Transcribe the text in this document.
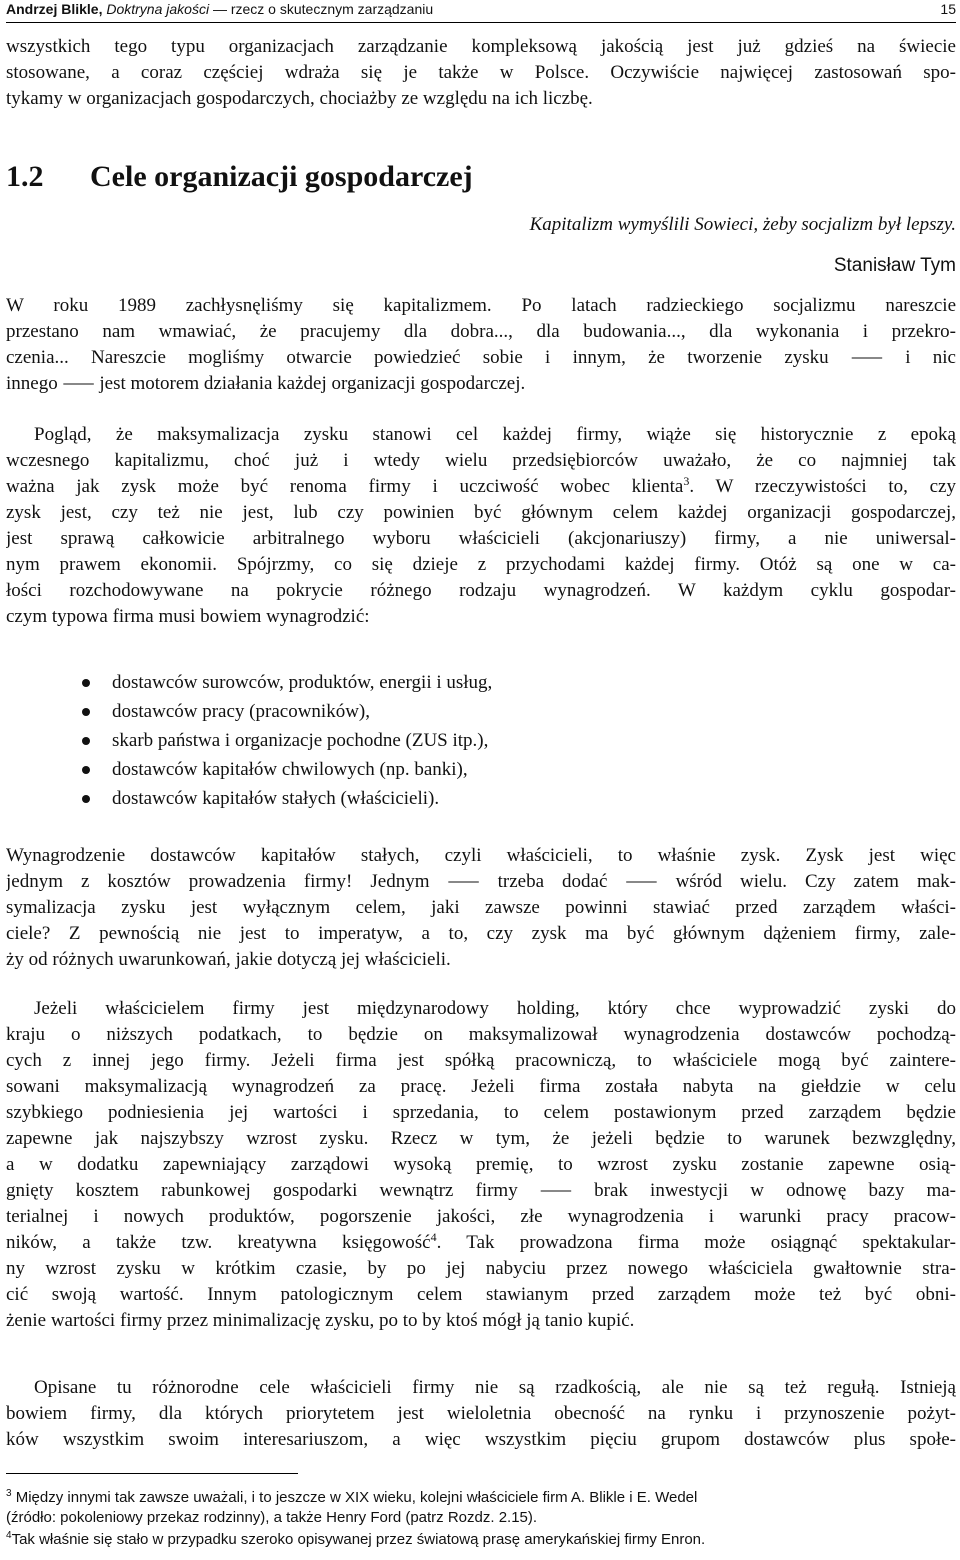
Andrzej Blikle, Doktryna jakości — rzecz o skutecznym zarządzaniu	15
wszystkich tego typu organizacjach zarządzanie kompleksową jakością jest już gdzieś na świecie
stosowane, a coraz częściej wdraża się je także w Polsce. Oczywiście najwięcej zastosowań spo-
tykamy w organizacjach gospodarczych, chociażby ze względu na ich liczbę.
1.2 Cele organizacji gospodarczej
Kapitalizm wymyślili Sowieci, żeby socjalizm był lepszy.
Stanisław Tym
W roku 1989 zachłysnęliśmy się kapitalizmem. Po latach radzieckiego socjalizmu nareszcie
przestano nam wmawiać, że pracujemy dla dobra..., dla budowania..., dla wykonania i przekro-
czenia... Nareszcie mogliśmy otwarcie powiedzieć sobie i innym, że tworzenie zysku ⸺ i nic
innego ⸺ jest motorem działania każdej organizacji gospodarczej.
Pogląd, że maksymalizacja zysku stanowi cel każdej firmy, wiąże się historycznie z epoką
wczesnego kapitalizmu, choć już i wtedy wielu przedsiębiorców uważało, że co najmniej tak
ważna jak zysk może być renoma firmy i uczciwość wobec klienta$^3$. W rzeczywistości to, czy
zysk jest, czy też nie jest, lub czy powinien być głównym celem każdej organizacji gospodarczej,
jest sprawą całkowicie arbitralnego wyboru właścicieli (akcjonariuszy) firmy, a nie uniwersal-
nym prawem ekonomii. Spójrzmy, co się dzieje z przychodami każdej firmy. Otóż są one w ca-
łości rozchodowywane na pokrycie różnego rodzaju wynagrodzeń. W każdym cyklu gospodar-
czym typowa firma musi bowiem wynagrodzić:
dostawców surowców, produktów, energii i usług,
dostawców pracy (pracowników),
skarb państwa i organizacje pochodne (ZUS itp.),
dostawców kapitałów chwilowych (np. banki),
dostawców kapitałów stałych (właścicieli).
Wynagrodzenie dostawców kapitałów stałych, czyli właścicieli, to właśnie zysk. Zysk jest więc
jednym z kosztów prowadzenia firmy! Jednym ⸺ trzeba dodać ⸺ wśród wielu. Czy zatem mak-
symalizacja zysku jest wyłącznym celem, jaki zawsze powinni stawiać przed zarządem właści-
ciele? Z pewnością nie jest to imperatyw, a to, czy zysk ma być głównym dążeniem firmy, zale-
ży od różnych uwarunkowań, jakie dotyczą jej właścicieli.
Jeżeli właścicielem firmy jest międzynarodowy holding, który chce wyprowadzić zyski do
kraju o niższych podatkach, to będzie on maksymalizował wynagrodzenia dostawców pochodzą-
cych z innej jego firmy. Jeżeli firma jest spółką pracowniczą, to właściciele mogą być zaintere-
sowani maksymalizacją wynagrodzeń za pracę. Jeżeli firma została nabyta na giełdzie w celu
szybkiego podniesienia jej wartości i sprzedania, to celem postawionym przed zarządem będzie
zapewne jak najszybszy wzrost zysku. Rzecz w tym, że jeżeli będzie to warunek bezwzględny,
a w dodatku zapewniający zarządowi wysoką premię, to wzrost zysku zostanie zapewne osią-
gnięty kosztem rabunkowej gospodarki wewnątrz firmy ⸺ brak inwestycji w odnowę bazy ma-
terialnej i nowych produktów, pogorszenie jakości, złe wynagrodzenia i warunki pracy pracow-
ników, a także tzw. kreatywna księgowość$^4$. Tak prowadzona firma może osiągnąć spektakular-
ny wzrost zysku w krótkim czasie, by po jej nabyciu przez nowego właściciela gwałtownie stra-
cić swoją wartość. Innym patologicznym celem stawianym przed zarządem może też być obni-
żenie wartości firmy przez minimalizację zysku, po to by ktoś mógł ją tanio kupić.
Opisane tu różnorodne cele właścicieli firmy nie są rzadkością, ale nie są też regułą. Istnieją
bowiem firmy, dla których priorytetem jest wieloletnia obecność na rynku i przynoszenie pożyt-
ków wszystkim swoim interesariuszom, a więc wszystkim pięciu grupom dostawców plus społe-
$^3$ Między innymi tak zawsze uważali, i to jeszcze w XIX wieku, kolejni właściciele firm A. Blikle i E. Wedel
(źródło: pokoleniowy przekaz rodzinny), a także Henry Ford (patrz Rozdz. 2.15).
$^4$Tak właśnie się stało w przypadku szeroko opisywanej przez światową prasę amerykańskiej firmy Enron.
